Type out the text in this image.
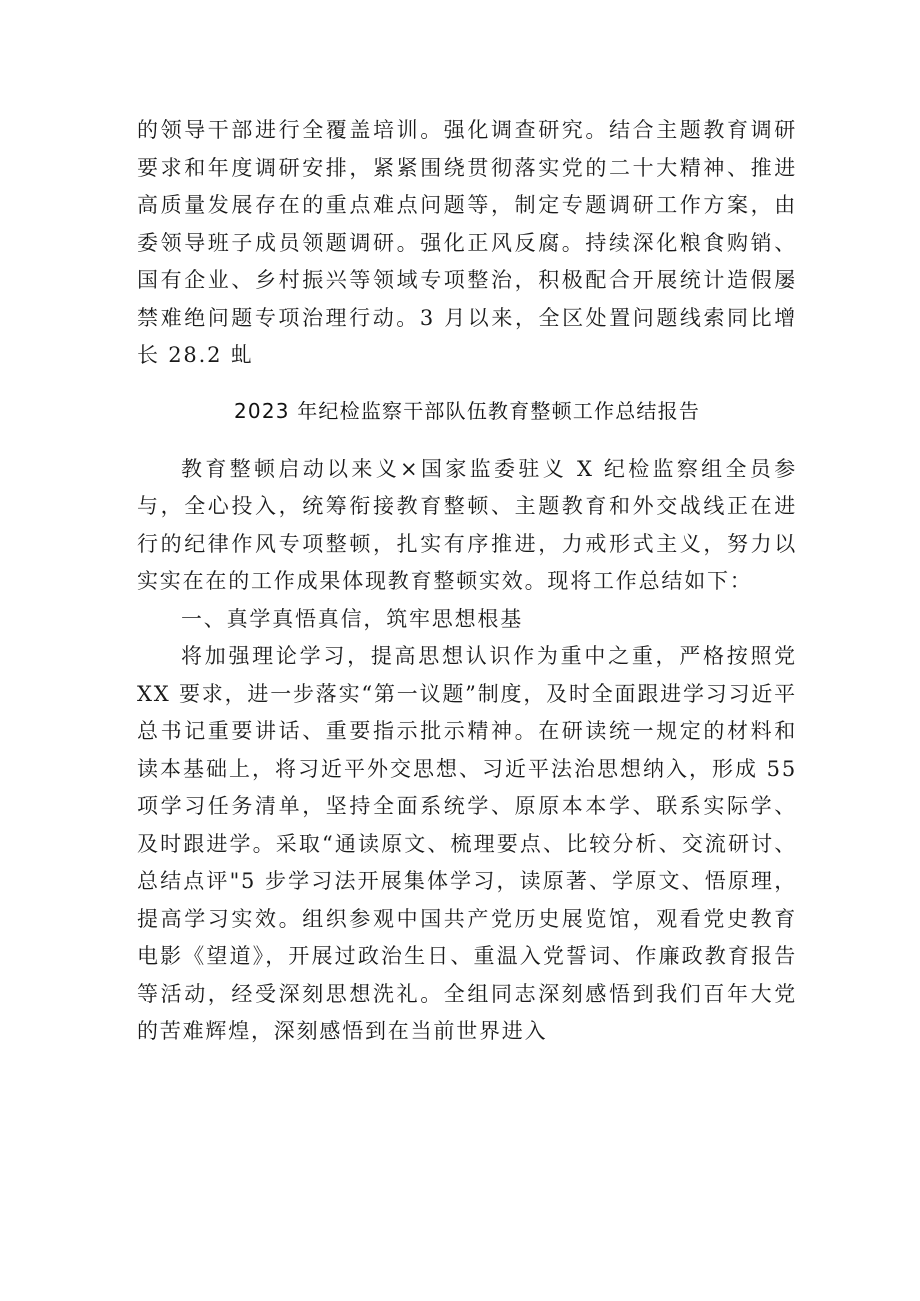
的领导干部进行全覆盖培训。强化调查研究。结合主题教育调研要求和年度调研安排，紧紧围绕贯彻落实党的二十大精神、推进高质量发展存在的重点难点问题等，制定专题调研工作方案，由委领导班子成员领题调研。强化正风反腐。持续深化粮食购销、国有企业、乡村振兴等领域专项整治，积极配合开展统计造假屡禁难绝问题专项治理行动。3 月以来，全区处置问题线索同比增长 28.2 虬

2023 年纪检监察干部队伍教育整顿工作总结报告

教育整顿启动以来义×国家监委驻义 X 纪检监察组全员参与，全心投入，统筹衔接教育整顿、主题教育和外交战线正在进行的纪律作风专项整顿，扎实有序推进，力戒形式主义，努力以实实在在的工作成果体现教育整顿实效。现将工作总结如下：

一、真学真悟真信，筑牢思想根基

将加强理论学习，提高思想认识作为重中之重，严格按照党 XX 要求，进一步落实“第一议题”制度，及时全面跟进学习习近平总书记重要讲话、重要指示批示精神。在研读统一规定的材料和读本基础上，将习近平外交思想、习近平法治思想纳入，形成 55 项学习任务清单，坚持全面系统学、原原本本学、联系实际学、及时跟进学。采取“通读原文、梳理要点、比较分析、交流研讨、总结点评"5 步学习法开展集体学习，读原著、学原文、悟原理，提高学习实效。组织参观中国共产党历史展览馆，观看党史教育电影《望道》，开展过政治生日、重温入党誓词、作廉政教育报告等活动，经受深刻思想洗礼。全组同志深刻感悟到我们百年大党的苦难辉煌，深刻感悟到在当前世界进入
